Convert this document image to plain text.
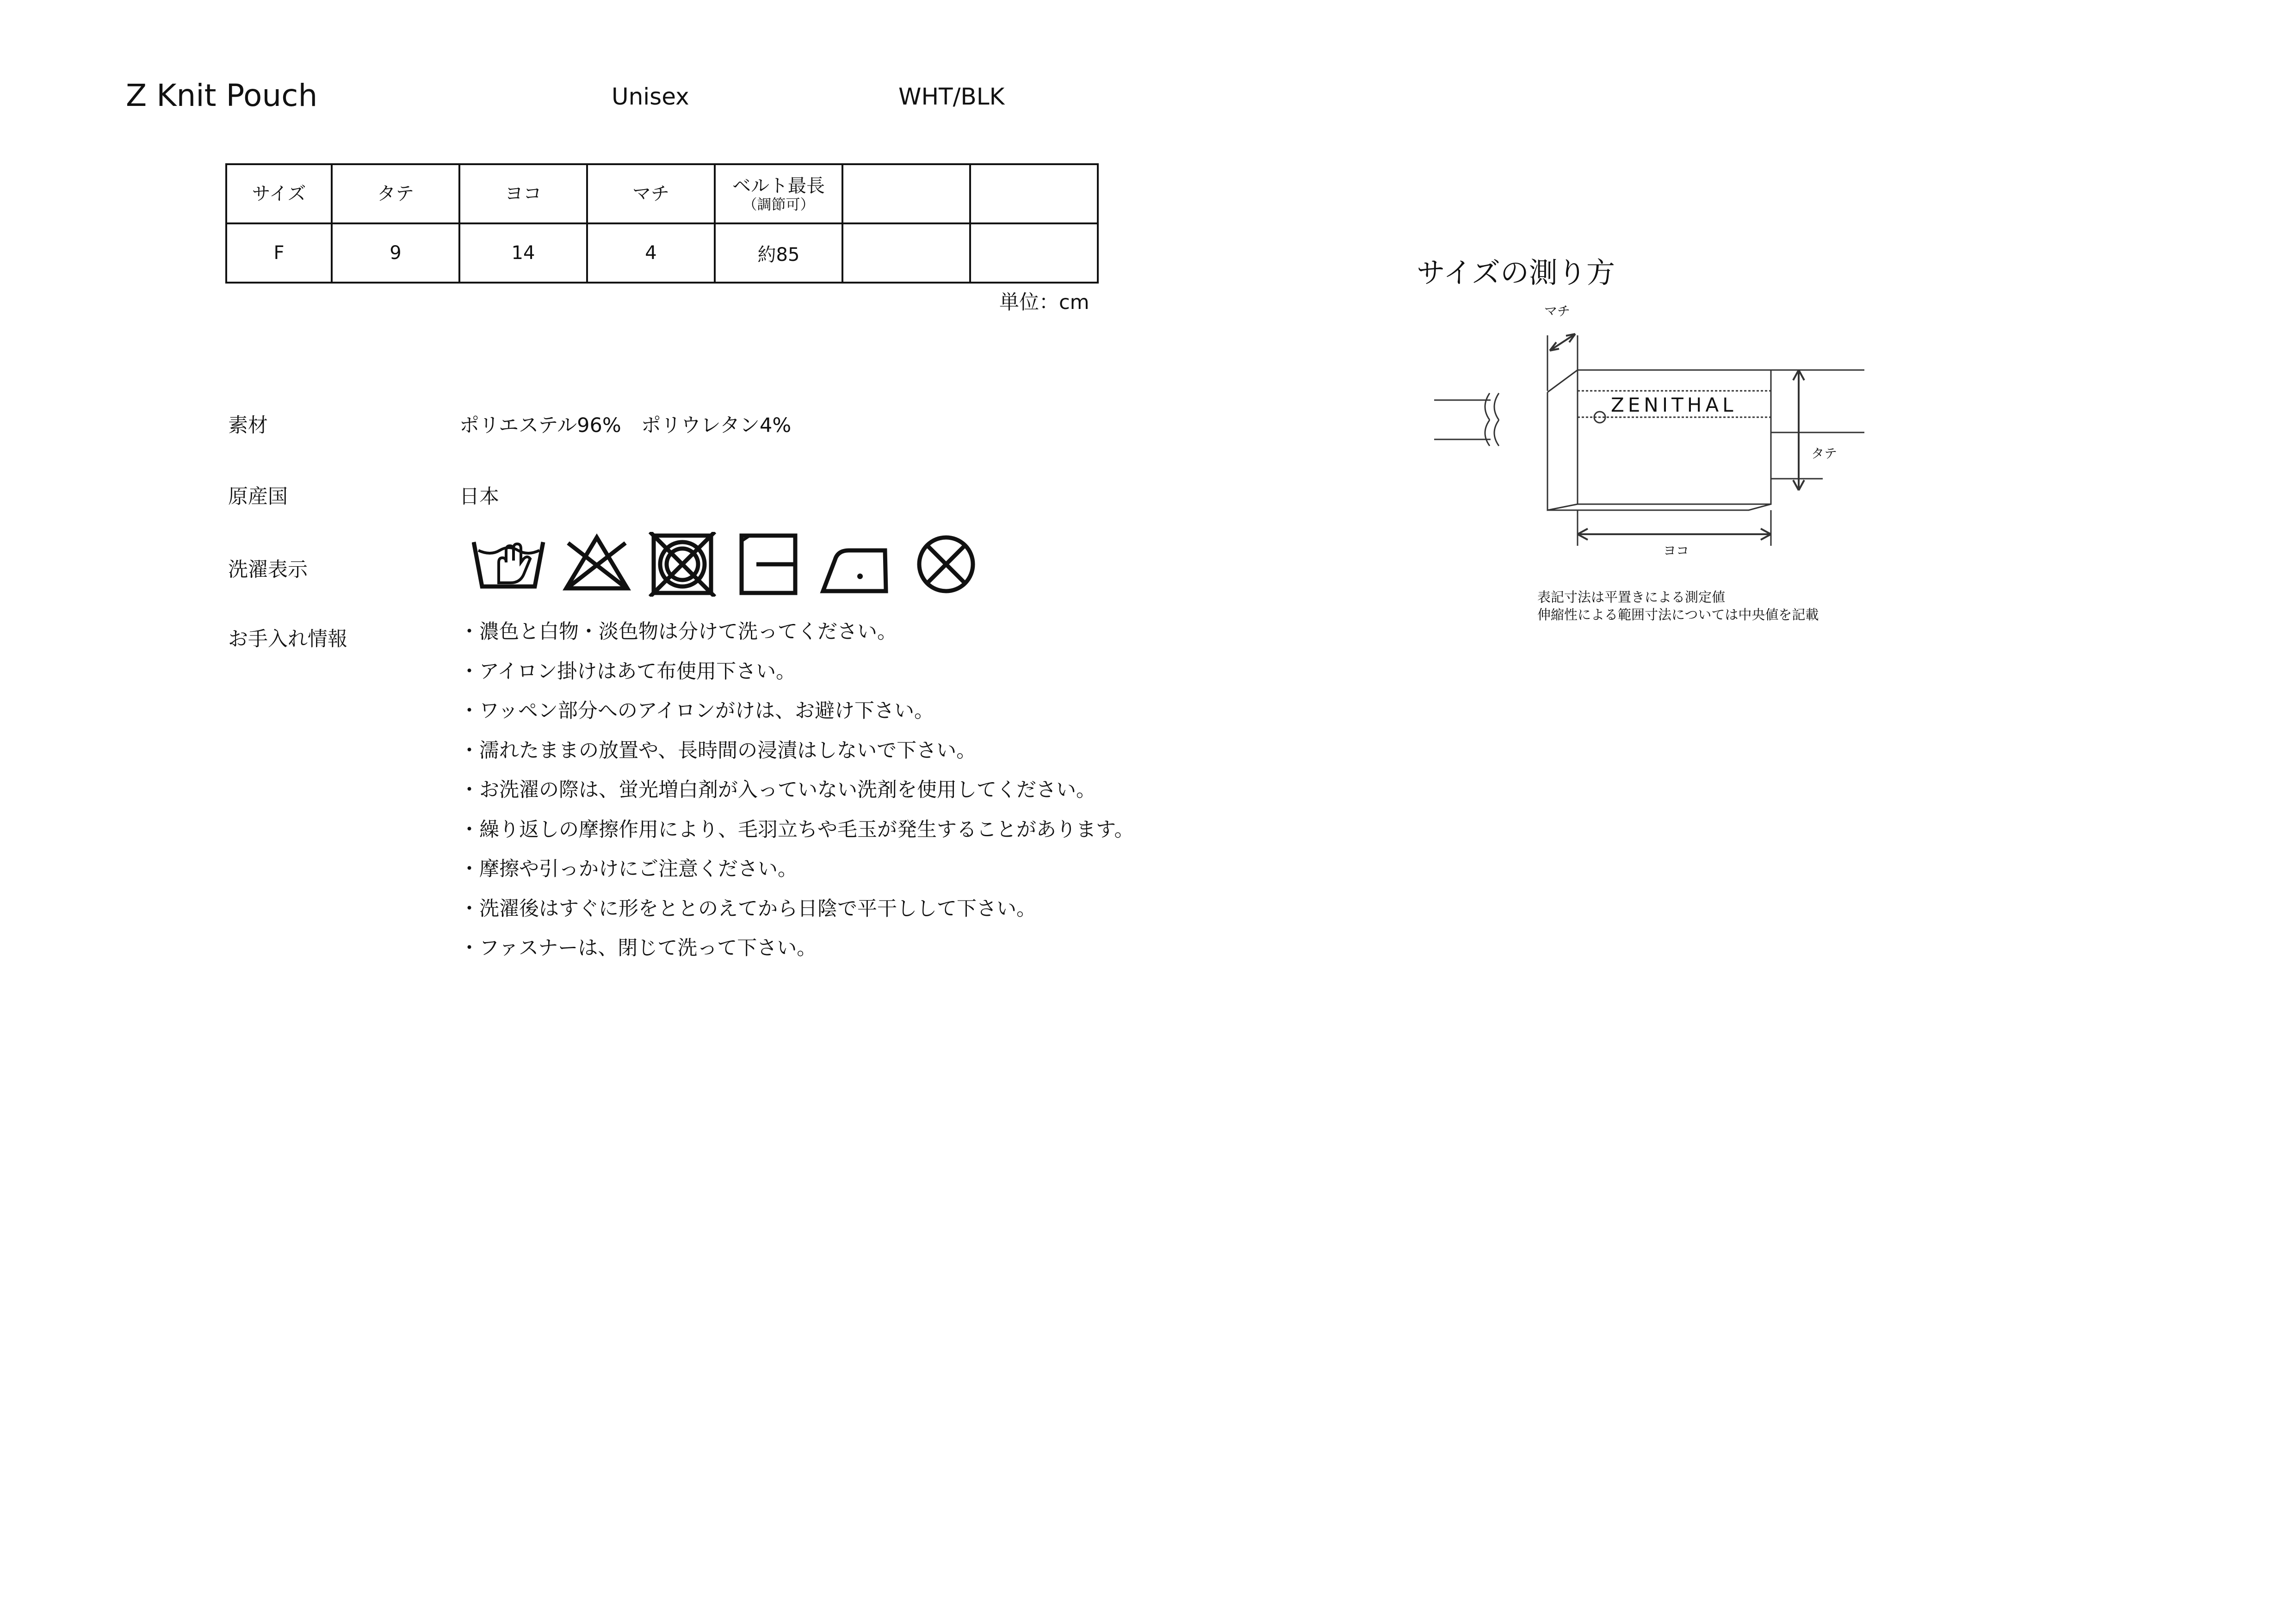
Z Knit Pouch	Unisex	WHT/BLK
サイズ	タテ	ヨコ	マチ	ベルト最長
（調節可）		

F	9	14	4	約85		
単位：cm
素材	ポリエステル96%　ポリウレタン4%
原産国	日本
洗濯表示
お手入れ情報	・濃色と白物・淡色物は分けて洗ってください。
・アイロン掛けはあて布使用下さい。
・ワッペン部分へのアイロンがけは、お避け下さい。
・濡れたままの放置や、長時間の浸漬はしないで下さい。
・お洗濯の際は、蛍光増白剤が入っていない洗剤を使用してください。
・繰り返しの摩擦作用により、毛羽立ちや毛玉が発生することがあります。
・摩擦や引っかけにご注意ください。
・洗濯後はすぐに形をととのえてから日陰で平干しして下さい。
・ファスナーは、閉じて洗って下さい。
サイズの測り方
ZENITHAL
マチ
タテ
ヨコ
表記寸法は平置きによる測定値
伸縮性による範囲寸法については中央値を記載
